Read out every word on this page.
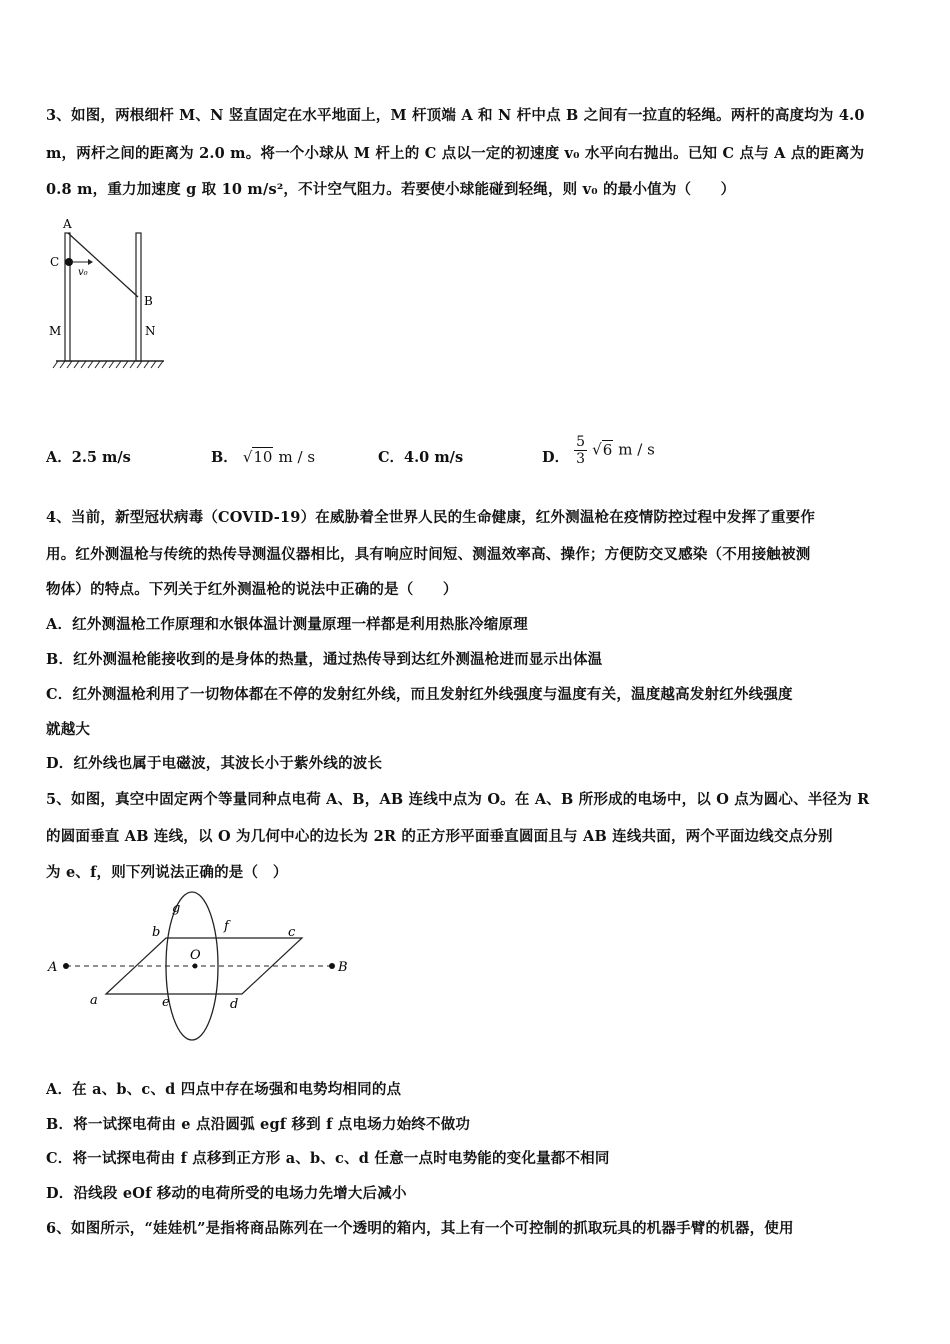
3、如图，两根细杆 M、N 竖直固定在水平地面上，M 杆顶端 A 和 N 杆中点 B 之间有一拉直的轻绳。两杆的高度均为 4.0
m，两杆之间的距离为 2.0 m。将一个小球从 M 杆上的 C 点以一定的初速度 v₀ 水平向右抛出。已知 C 点与 A 点的距离为
0.8 m，重力加速度 g 取 10 m/s²，不计空气阻力。若要使小球能碰到轻绳，则 v₀ 的最小值为（　　）
A
C
v₀
B
M	N
A．2.5 m/s	B． √10 m / s	C．4.0 m/s	D． $\frac{5}{3} √6$ m / s
4、当前，新型冠状病毒（COVID-19）在威胁着全世界人民的生命健康，红外测温枪在疫情防控过程中发挥了重要作
用。红外测温枪与传统的热传导测温仪器相比，具有响应时间短、测温效率高、操作；方便防交叉感染（不用接触被测
物体）的特点。下列关于红外测温枪的说法中正确的是（　　）
A．红外测温枪工作原理和水银体温计测量原理一样都是利用热胀冷缩原理
B．红外测温枪能接收到的是身体的热量，通过热传导到达红外测温枪进而显示出体温
C．红外测温枪利用了一切物体都在不停的发射红外线，而且发射红外线强度与温度有关，温度越高发射红外线强度
就越大
D．红外线也属于电磁波，其波长小于紫外线的波长
5、如图，真空中固定两个等量同种点电荷 A、B，AB 连线中点为 O。在 A、B 所形成的电场中，以 O 点为圆心、半径为 R
的圆面垂直 AB 连线，以 O 为几何中心的边长为 2R 的正方形平面垂直圆面且与 AB 连线共面，两个平面边线交点分别
为 e、f，则下列说法正确的是（　）
A	B
O
a
b	c
d
e
f
g
A．在 a、b、c、d 四点中存在场强和电势均相同的点
B．将一试探电荷由 e 点沿圆弧 egf 移到 f 点电场力始终不做功
C．将一试探电荷由 f 点移到正方形 a、b、c、d 任意一点时电势能的变化量都不相同
D．沿线段 eOf 移动的电荷所受的电场力先增大后减小
6、如图所示，“娃娃机”是指将商品陈列在一个透明的箱内，其上有一个可控制的抓取玩具的机器手臂的机器，使用
